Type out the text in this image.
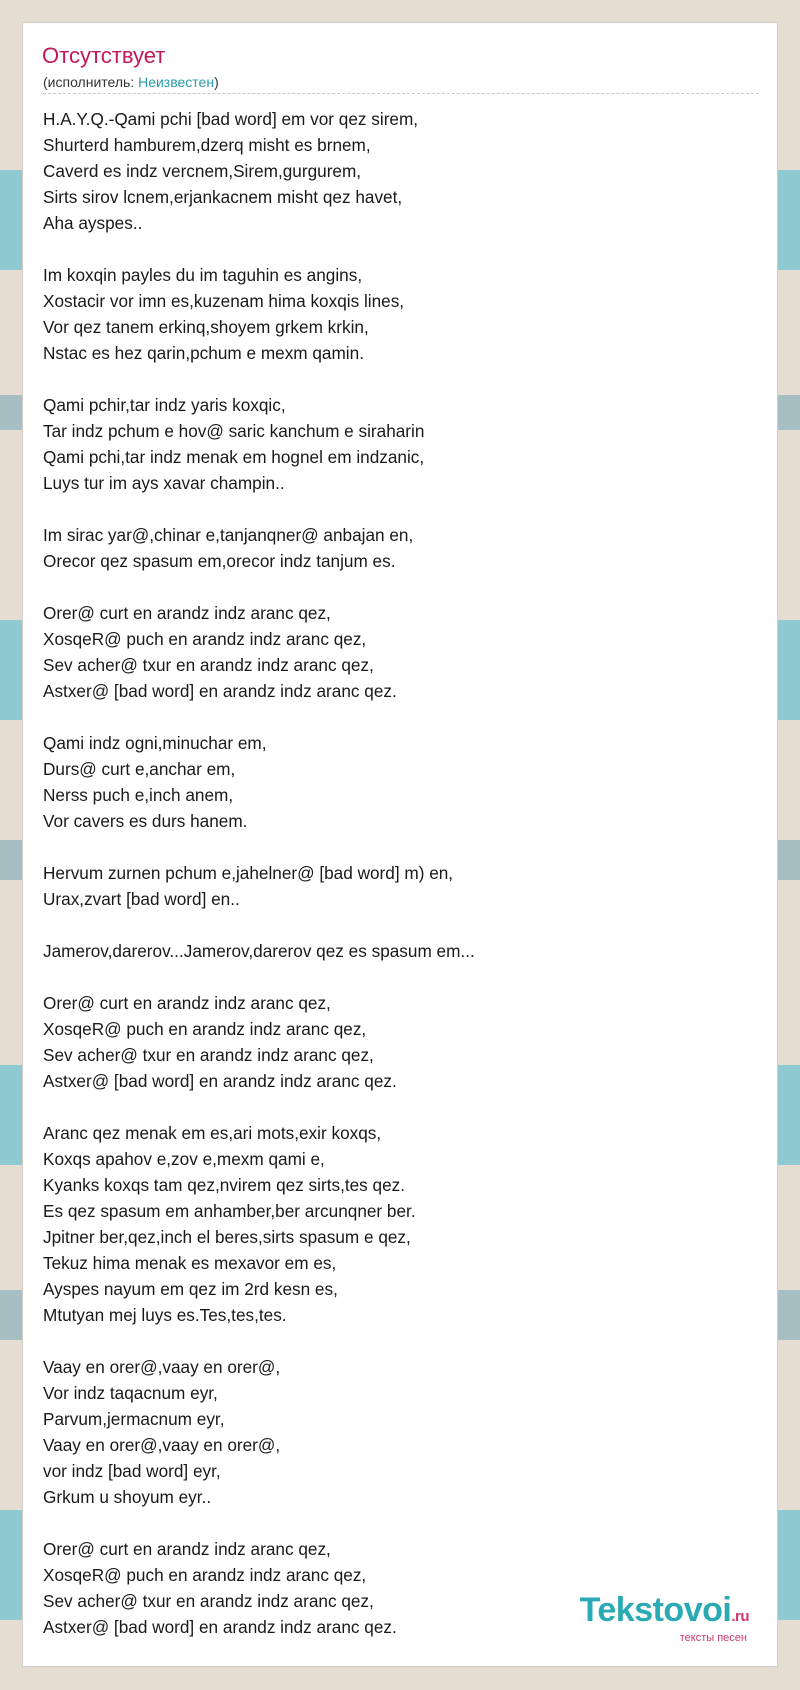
Отсутствует
(исполнитель: Неизвестен)
H.A.Y.Q.-Qami pchi [bad word] em vor qez sirem,
Shurterd hamburem,dzerq misht es brnem,
Caverd es indz vercnem,Sirem,gurgurem,
Sirts sirov lcnem,erjankacnem misht qez havet,
Aha ayspes..
Im koxqin payles du im taguhin es angins,
Xostacir vor imn es,kuzenam hima koxqis lines,
Vor qez tanem erkinq,shoyem grkem krkin,
Nstac es hez qarin,pchum e mexm qamin.
Qami pchir,tar indz yaris koxqic,
Tar indz pchum e hov@ saric kanchum e siraharin
Qami pchi,tar indz menak em hognel em indzanic,
Luys tur im ays xavar champin..
Im sirac yar@,chinar e,tanjanqner@ anbajan en,
Orecor qez spasum em,orecor indz tanjum es.
Orer@ curt en arandz indz aranc qez,
XosqeR@ puch en arandz indz aranc qez,
Sev acher@ txur en arandz indz aranc qez,
Astxer@ [bad word] en arandz indz aranc qez.
Qami indz ogni,minuchar em,
Durs@ curt e,anchar em,
Nerss puch e,inch anem,
Vor cavers es durs hanem.
Hervum zurnen pchum e,jahelner@ [bad word] m) en,
Urax,zvart [bad word] en..
Jamerov,darerov...Jamerov,darerov qez es spasum em...
Orer@ curt en arandz indz aranc qez,
XosqeR@ puch en arandz indz aranc qez,
Sev acher@ txur en arandz indz aranc qez,
Astxer@ [bad word] en arandz indz aranc qez.
Aranc qez menak em es,ari mots,exir koxqs,
Koxqs apahov e,zov e,mexm qami e,
Kyanks koxqs tam qez,nvirem qez sirts,tes qez.
Es qez spasum em anhamber,ber arcunqner ber.
Jpitner ber,qez,inch el beres,sirts spasum e qez,
Tekuz hima menak es mexavor em es,
Ayspes nayum em qez im 2rd kesn es,
Mtutyan mej luys es.Tes,tes,tes.
Vaay en orer@,vaay en orer@,
Vor indz taqacnum eyr,
Parvum,jermacnum eyr,
Vaay en orer@,vaay en orer@,
vor indz [bad word] eyr,
Grkum u shoyum eyr..
Orer@ curt en arandz indz aranc qez,
XosqeR@ puch en arandz indz aranc qez,
Sev acher@ txur en arandz indz aranc qez,
Astxer@ [bad word] en arandz indz aranc qez.	Tekstovoi.ru
тексты песен
